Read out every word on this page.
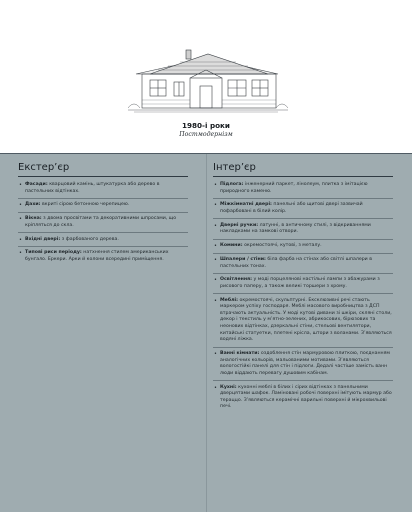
1980-і роки
Постмодернізм
Екстер’єр
• Фасади: кварцовий камінь, штукатурка або дерево в пастельних відтінках.
• Дахи: вкриті сірою бетонною черепицею.
• Вікна: з двома просвітами та декоративними шпросами, що кріпляться до скла.
• Вхідні двері: з фарбованого дерева.
• Типові риси періоду: натхнення стилем американських бунгало. Еркери. Арки й колони всередині приміщення.
Інтер’єр
• Підлога: інженерний паркет, лінолеум, плитка з імітацією природного каменю.
• Міжкімнатні двері: панельні або щитові двері зазвичай пофарбовані в білий колір.
• Дверні ручки: латунні, в античному стилі, з відкриваннями накладками на замкові отвори.
• Комини: окремостоячі, кутові, з металу.
• Шпалери / стіни: біла фарба на стінах або світлі шпалери в пастельних тонах.
• Освітлення: у моді порцелянові настільні лампи з абажурами з рисового паперу, а також великі торшери з хрому.
• Меблі: окремостоячі, скульптурні. Ексклюзивні речі стають маркером успіху господаря. Меблі масового виробництва з ДСП втрачають актуальність. У моді кутові дивани зі шкіри, склянi столи, декор і текстиль у м’ятно-зелених, абрикосових, бірюзових та неонових відтінках, дзеркальні стіни, стельові вентилятори, китайські статуетки, плетені крісла, штори з воланами. З’являються водяні ліжка.
• Ванні кімнати: оздоблення стін мармуровою плиткою, поєднанням аналогічних кольорів, мальованими мотивами. З’являються вологостійкі панелі для стін і підлоги. Дедалі частіше замість ванн люди віддають перевагу душовим кабінам.
• Кухні: кухонні меблі в білих і сірих відтінках з панельними дверцятами шафок. Ламіновані робочі поверхні імітують мармур або тераццо. З’являються керамічні варильні поверхні й мікрохвильові печі.
